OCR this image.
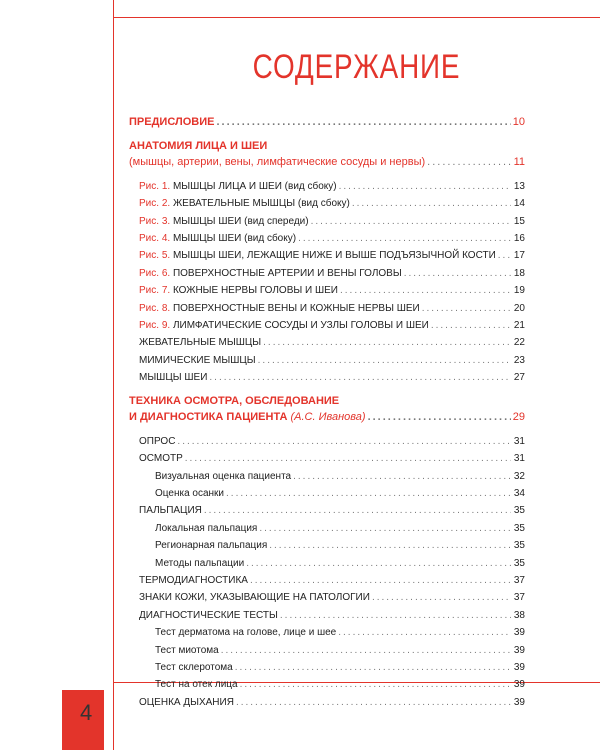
4
СОДЕРЖАНИЕ
ПРЕДИСЛОВИЕ .....	10
АНАТОМИЯ ЛИЦА И ШЕИ
(мышцы, артерии, вены, лимфатические сосуды и нервы) .....	11
Рис. 1. МЫШЦЫ ЛИЦА И ШЕИ (вид сбоку) .....	13
Рис. 2. ЖЕВАТЕЛЬНЫЕ МЫШЦЫ (вид сбоку) .....	14
Рис. 3. МЫШЦЫ ШЕИ (вид спереди) .....	15
Рис. 4. МЫШЦЫ ШЕИ (вид сбоку) .....	16
Рис. 5. МЫШЦЫ ШЕИ, ЛЕЖАЩИЕ НИЖЕ И ВЫШЕ ПОДЪЯЗЫЧНОЙ КОСТИ ..... 17
Рис. 6. ПОВЕРХНОСТНЫЕ АРТЕРИИ И ВЕНЫ ГОЛОВЫ .....	18
Рис. 7. КОЖНЫЕ НЕРВЫ ГОЛОВЫ И ШЕИ .....	19
Рис. 8. ПОВЕРХНОСТНЫЕ ВЕНЫ И КОЖНЫЕ НЕРВЫ ШЕИ .....	20
Рис. 9. ЛИМФАТИЧЕСКИЕ СОСУДЫ И УЗЛЫ ГОЛОВЫ И ШЕИ .....	21
ЖЕВАТЕЛЬНЫЕ МЫШЦЫ .....	22
МИМИЧЕСКИЕ МЫШЦЫ .....	23
МЫШЦЫ ШЕИ .....	27
ТЕХНИКА ОСМОТРА, ОБСЛЕДОВАНИЕ
И ДИАГНОСТИКА ПАЦИЕНТА (А.С. Иванова) .....	29
ОПРОС .....	31
ОСМОТР .....	31
Визуальная оценка пациента .....	32
Оценка осанки .....	34
ПАЛЬПАЦИЯ .....	35
Локальная пальпация .....	35
Регионарная пальпация .....	35
Методы пальпации .....	35
ТЕРМОДИАГНОСТИКА .....	37
ЗНАКИ КОЖИ, УКАЗЫВАЮЩИЕ НА ПАТОЛОГИИ .....	37
ДИАГНОСТИЧЕСКИЕ ТЕСТЫ .....	38
Тест дерматома на голове, лице и шее .....	39
Тест миотома .....	39
Тест склеротома .....	39
Тест на отек лица .....	39
ОЦЕНКА ДЫХАНИЯ .....	39
